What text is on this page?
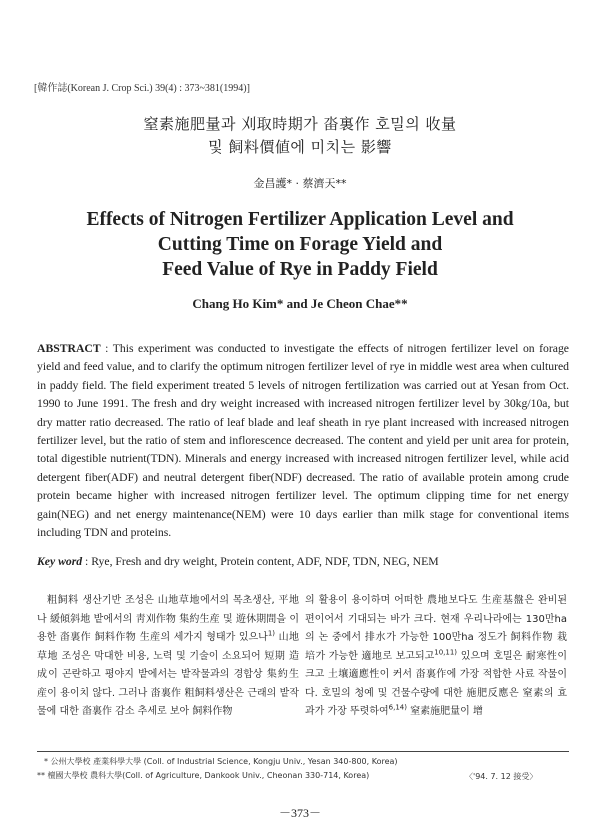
[韓作誌(Korean J. Crop Sci.) 39(4) : 373~381(1994)]
窒素施肥量과 刈取時期가 畓裏作 호밀의 收量
및 飼料價値에 미치는 影響
金昌護* · 蔡濟天**
Effects of Nitrogen Fertilizer Application Level and
Cutting Time on Forage Yield and
Feed Value of Rye in Paddy Field
Chang Ho Kim* and Je Cheon Chae**

ABSTRACT : This experiment was conducted to investigate the effects of nitrogen fertilizer level on forage yield and feed value, and to clarify the optimum nitrogen fertilizer level of rye in middle west area when cultured in paddy field. The field experiment treated 5 levels of nitrogen fertilization was carried out at Yesan from Oct. 1990 to June 1991. The fresh and dry weight increased with increased nitrogen fertilizer level by 30kg/10a, but dry matter ratio decreased. The ratio of leaf blade and leaf sheath in rye plant increased with increased nitrogen fertilizer level, but the ratio of stem and inflorescence decreased. The content and yield per unit area for protein, total digestible nutrient(TDN). Minerals and energy increased with increased nitrogen fertilizer level, while acid detergent fiber(ADF) and neutral detergent fiber(NDF) decreased. The ratio of available protein among crude protein became higher with increased nitrogen fertilizer level. The optimum clipping time for net energy gain(NEG) and net energy maintenance(NEM) were 10 days earlier than milk stage for conventional items including TDN and proteins.

Key word : Rye, Fresh and dry weight, Protein content, ADF, NDF, TDN, NEG, NEM

粗飼料 생산기반 조성은 山地草地에서의 목초생산, 平地나 緩傾斜地 밭에서의 靑刈作物 集約生産 및 遊休期間을 이용한 畓裏作 飼料作物 生産의 세가지 형태가 있으나$^{1)}$ 山地草地 조성은 막대한 비용, 노력 및 기술이 소요되어 短期 造成이 곤란하고 평야지 밭에서는 밭작물과의 경합상 集約生産이 용이치 않다. 그러나 畓裏作 粗飼料생산은 근래의 밭작물에 대한 畓裏作 감소 추세로 보아 飼料作物

의 활용이 용이하며 어떠한 農地보다도 生産基盤은 완비된 편이어서 기대되는 바가 크다. 현재 우리나라에는 130만ha의 논 중에서 排水가 가능한 100만ha 정도가 飼料作物 栽培가 가능한 適地로 보고되고$^{10,11)}$ 있으며 호밀은 耐寒性이 크고 土壤適應性이 커서 畓裏作에 가장 적합한 사료 작물이다. 호밀의 청예 및 건물수량에 대한 施肥反應은 窒素의 효과가 가장 뚜렷하여$^{6,14)}$ 窒素施肥量이 增

* 公州大學校 產業科學大學 (Coll. of Industrial Science, Kongju Univ., Yesan 340-800, Korea)
** 檀國大學校 農科大學(Coll. of Agriculture, Dankook Univ., Cheonan 330-714, Korea)	〈'94. 7. 12 接受〉
－373－
